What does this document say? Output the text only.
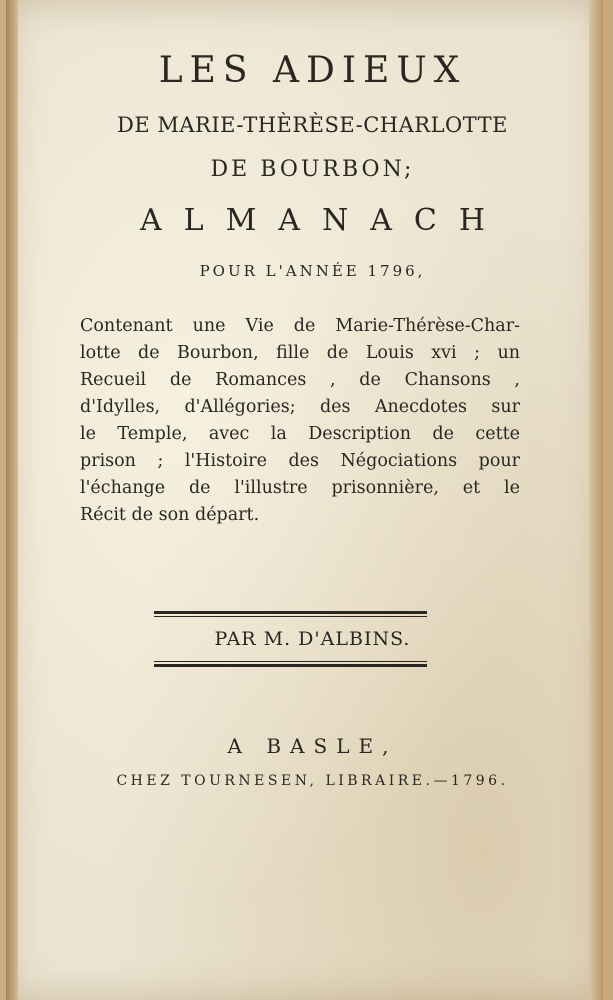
LES ADIEUX
DE MARIE-THÈRÈSE-CHARLOTTE
DE BOURBON;
ALMANACH
POUR L'ANNÉE 1796,
Contenant une Vie de Marie-Thérèse-Char-
lotte de Bourbon, fille de Louis xvi ; un
Recueil de Romances , de Chansons ,
d'Idylles, d'Allégories; des Anecdotes sur
le Temple, avec la Description de cette
prison ; l'Histoire des Négociations pour
l'échange de l'illustre prisonnière, et le
Récit de son départ.
PAR M. D'ALBINS.
A BASLE,
CHEZ TOURNESEN, LIBRAIRE.—1796.
